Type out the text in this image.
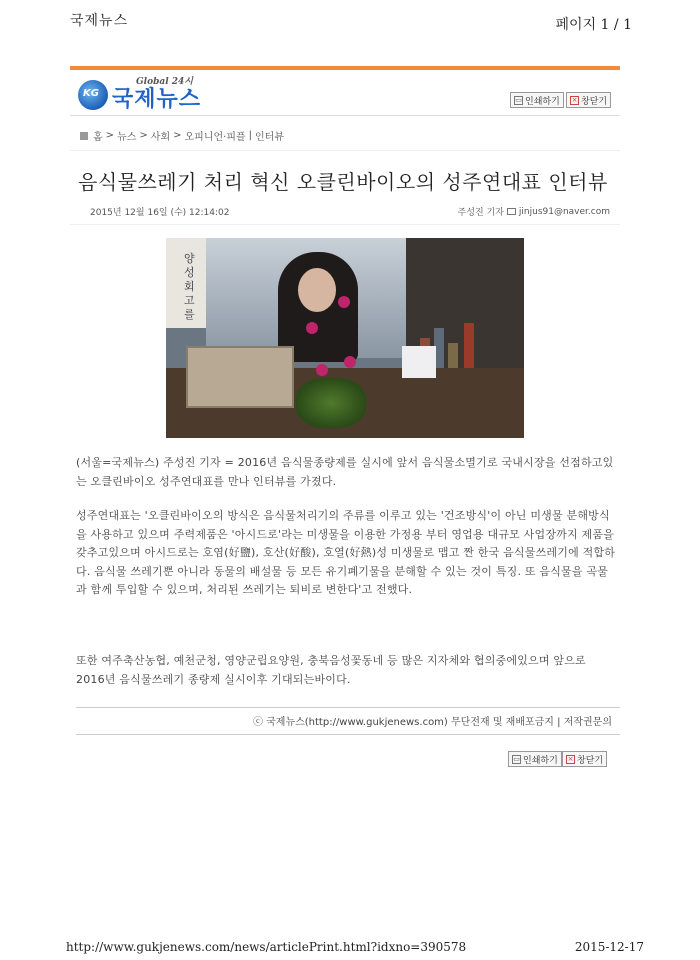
국제뉴스	페이지 1 / 1
KG
Global 24시
국제뉴스	▭ 인쇄하기 × 창닫기
홈 > 뉴스 > 사회 > 오피니언·피플 | 인터뷰
음식물쓰레기 처리 혁신 오클린바이오의 성주연대표 인터뷰
2015년 12월 16일 (수) 12:14:02	주성진 기자 jinjus91@naver.com
양
성
회
고
를

(서울=국제뉴스) 주성진 기자 = 2016년 음식물종량제를 실시에 앞서 음식물소멸기로 국내시장을 선점하고있는 오클린바이오 성주연대표를 만나 인터뷰를 가졌다.

성주연대표는 '오클린바이오의 방식은 음식물처리기의 주류를 이루고 있는 '건조방식'이 아닌 미생물 분해방식을 사용하고 있으며 주력제품은 '아시드로'라는 미생물을 이용한 가정용 부터 영업용 대규모 사업장까지 제품을 갖추고있으며 아시드로는 호염(好鹽), 호산(好酸), 호열(好熱)성 미생물로 맵고 짠 한국 음식물쓰레기에 적합하다. 음식물 쓰레기뿐 아니라 동물의 배설물 등 모든 유기폐기물을 분해할 수 있는 것이 특징. 또 음식물을 곡물과 함께 투입할 수 있으며, 처리된 쓰레기는 퇴비로 변한다'고 전했다.

또한 여주축산농협, 예천군청, 영양군립요양원, 충북음성꽃동네 등 많은 지자체와 협의중에있으며 앞으로 2016년 음식물쓰레기 종량제 실시이후 기대되는바이다.

ⓒ 국제뉴스(http://www.gukjenews.com) 무단전재 및 재배포금지 | 저작권문의
▭ 인쇄하기 × 창닫기
http://www.gukjenews.com/news/articlePrint.html?idxno=390578	2015-12-17
